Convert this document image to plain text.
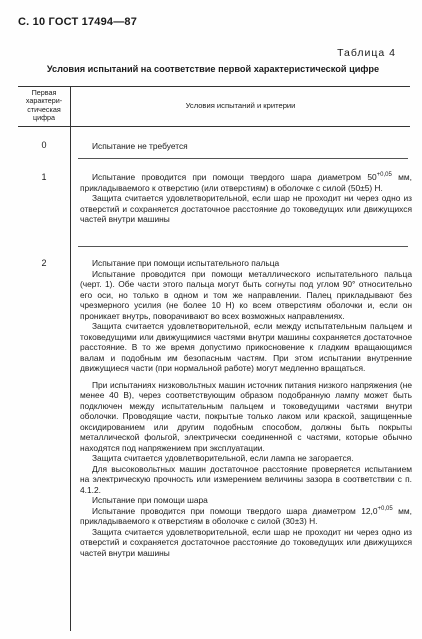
С. 10 ГОСТ 17494—87
Таблица 4
Условия испытаний на соответствие первой характеристической цифре
Первая
характери-
стическая
цифра
Условия испытаний и критерии
0	Испытание не требуется

1	Испытание проводится при помощи твердого шара диаметром $50^{+0,05}$ мм, прикладываемого к отверстию (или отверстиям) в оболочке с силой (50±5) Н.

Защита считается удовлетворительной, если шар не проходит ни через одно из отверстий и сохраняется достаточное расстояние до токоведущих или движущихся частей внутри машины

2	Испытание при помощи испытательного пальца

Испытание проводится при помощи металлического испытательного пальца (черт. 1). Обе части этого пальца могут быть согнуты под углом 90° относительно его оси, но только в одном и том же направлении. Палец прикладывают без чрезмерного усилия (не более 10 Н) ко всем отверстиям оболочки и, если он проникает внутрь, поворачивают во всех возможных направлениях.

Защита считается удовлетворительной, если между испытательным пальцем и токоведущими или движущимися частями внутри машины сохраняется достаточное расстояние. В то же время допустимо прикосновение к гладким вращающимся валам и подобным им безопасным частям. При этом испытании внутренние движущиеся части (при нормальной работе) могут медленно вращаться.

При испытаниях низковольтных машин источник питания низкого напряжения (не менее 40 В), через соответствующим образом подобранную лампу может быть подключен между испытательным пальцем и токоведущими частями внутри оболочки. Проводящие части, покрытые только лаком или краской, защищенные оксидированием или другим подобным способом, должны быть покрыты металлической фольгой, электрически соединенной с частями, которые обычно находятся под напряжением при эксплуатации.

Защита считается удовлетворительной, если лампа не загорается.

Для высоковольтных машин достаточное расстояние проверяется испытанием на электрическую прочность или измерением величины зазора в соответствии с п. 4.1.2.

Испытание при помощи шара

Испытание проводится при помощи твердого шара диаметром $12,0^{+0,05}$ мм, прикладываемого к отверстиям в оболочке с силой (30±3) Н.

Защита считается удовлетворительной, если шар не проходит ни через одно из отверстий и сохраняется достаточное расстояние до токоведущих или движущихся частей внутри машины
